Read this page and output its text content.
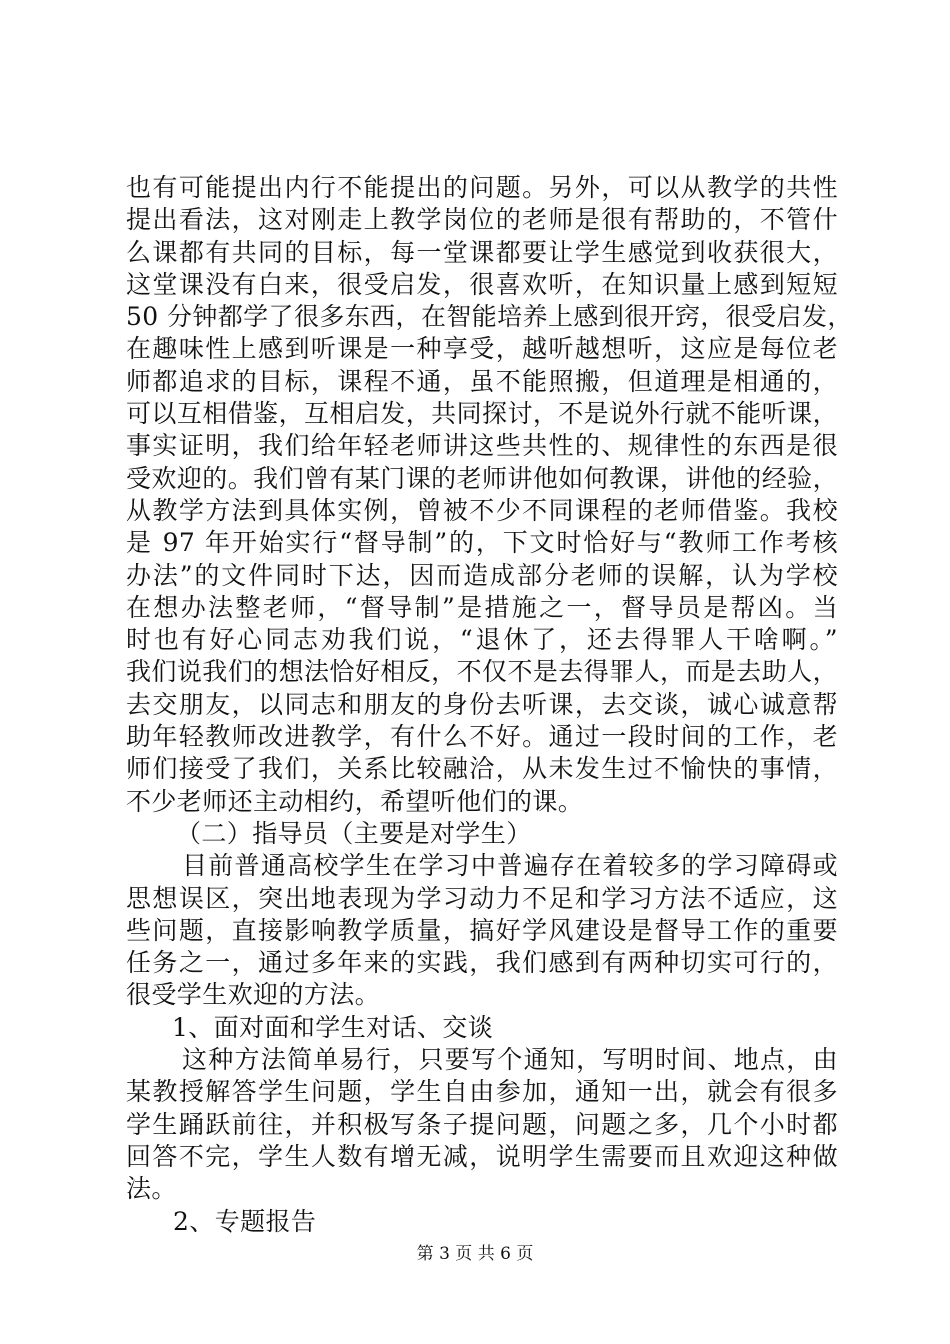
也有可能提出内行不能提出的问题。另外，可以从教学的共性
提出看法，这对刚走上教学岗位的老师是很有帮助的，不管什
么课都有共同的目标，每一堂课都要让学生感觉到收获很大，
这堂课没有白来，很受启发，很喜欢听，在知识量上感到短短
50 分钟都学了很多东西，在智能培养上感到很开窍，很受启发，
在趣味性上感到听课是一种享受，越听越想听，这应是每位老
师都追求的目标，课程不通，虽不能照搬，但道理是相通的，
可以互相借鉴，互相启发，共同探讨，不是说外行就不能听课，
事实证明，我们给年轻老师讲这些共性的、规律性的东西是很
受欢迎的。我们曾有某门课的老师讲他如何教课，讲他的经验，
从教学方法到具体实例，曾被不少不同课程的老师借鉴。我校
是 97 年开始实行“督导制”的，下文时恰好与“教师工作考核
办法”的文件同时下达，因而造成部分老师的误解，认为学校
在想办法整老师，“督导制”是措施之一，督导员是帮凶。当
时也有好心同志劝我们说，“退休了，还去得罪人干啥啊。”
我们说我们的想法恰好相反，不仅不是去得罪人，而是去助人，
去交朋友，以同志和朋友的身份去听课，去交谈，诚心诚意帮
助年轻教师改进教学，有什么不好。通过一段时间的工作，老
师们接受了我们，关系比较融洽，从未发生过不愉快的事情，
不少老师还主动相约，希望听他们的课。
（二）指导员（主要是对学生）
目前普通高校学生在学习中普遍存在着较多的学习障碍或
思想误区，突出地表现为学习动力不足和学习方法不适应，这
些问题，直接影响教学质量，搞好学风建设是督导工作的重要
任务之一，通过多年来的实践，我们感到有两种切实可行的，
很受学生欢迎的方法。
1、面对面和学生对话、交谈
这种方法简单易行，只要写个通知，写明时间、地点，由
某教授解答学生问题，学生自由参加，通知一出，就会有很多
学生踊跃前往，并积极写条子提问题，问题之多，几个小时都
回答不完，学生人数有增无减，说明学生需要而且欢迎这种做
法。
2、专题报告
第 3 页 共 6 页
